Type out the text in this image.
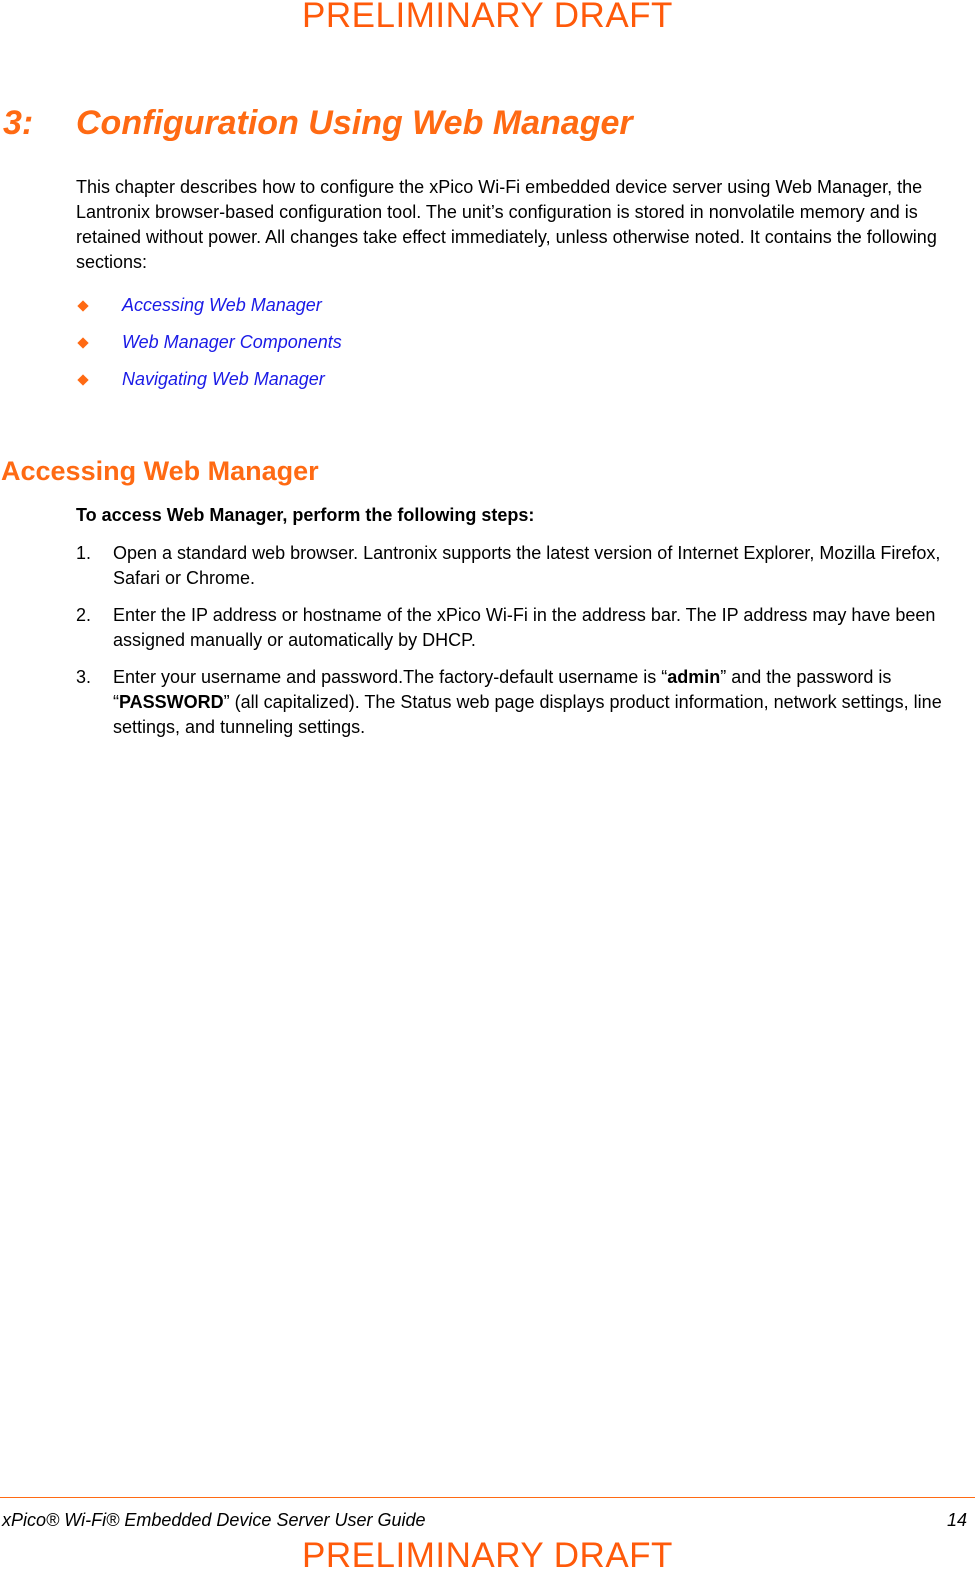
PRELIMINARY DRAFT
3: Configuration Using Web Manager

This chapter describes how to configure the xPico Wi-Fi embedded device server using Web Manager, the Lantronix browser-based configuration tool. The unit’s configuration is stored in nonvolatile memory and is retained without power. All changes take effect immediately, unless otherwise noted. It contains the following sections:

Accessing Web Manager
Web Manager Components
Navigating Web Manager
Accessing Web Manager

To access Web Manager, perform the following steps:

1. Open a standard web browser. Lantronix supports the latest version of Internet Explorer, Mozilla Firefox, Safari or Chrome.
2. Enter the IP address or hostname of the xPico Wi-Fi in the address bar. The IP address may have been assigned manually or automatically by DHCP.
3. Enter your username and password.The factory-default username is “admin” and the password is “PASSWORD” (all capitalized). The Status web page displays product information, network settings, line settings, and tunneling settings.
xPico® Wi-Fi® Embedded Device Server User Guide	14
PRELIMINARY DRAFT
